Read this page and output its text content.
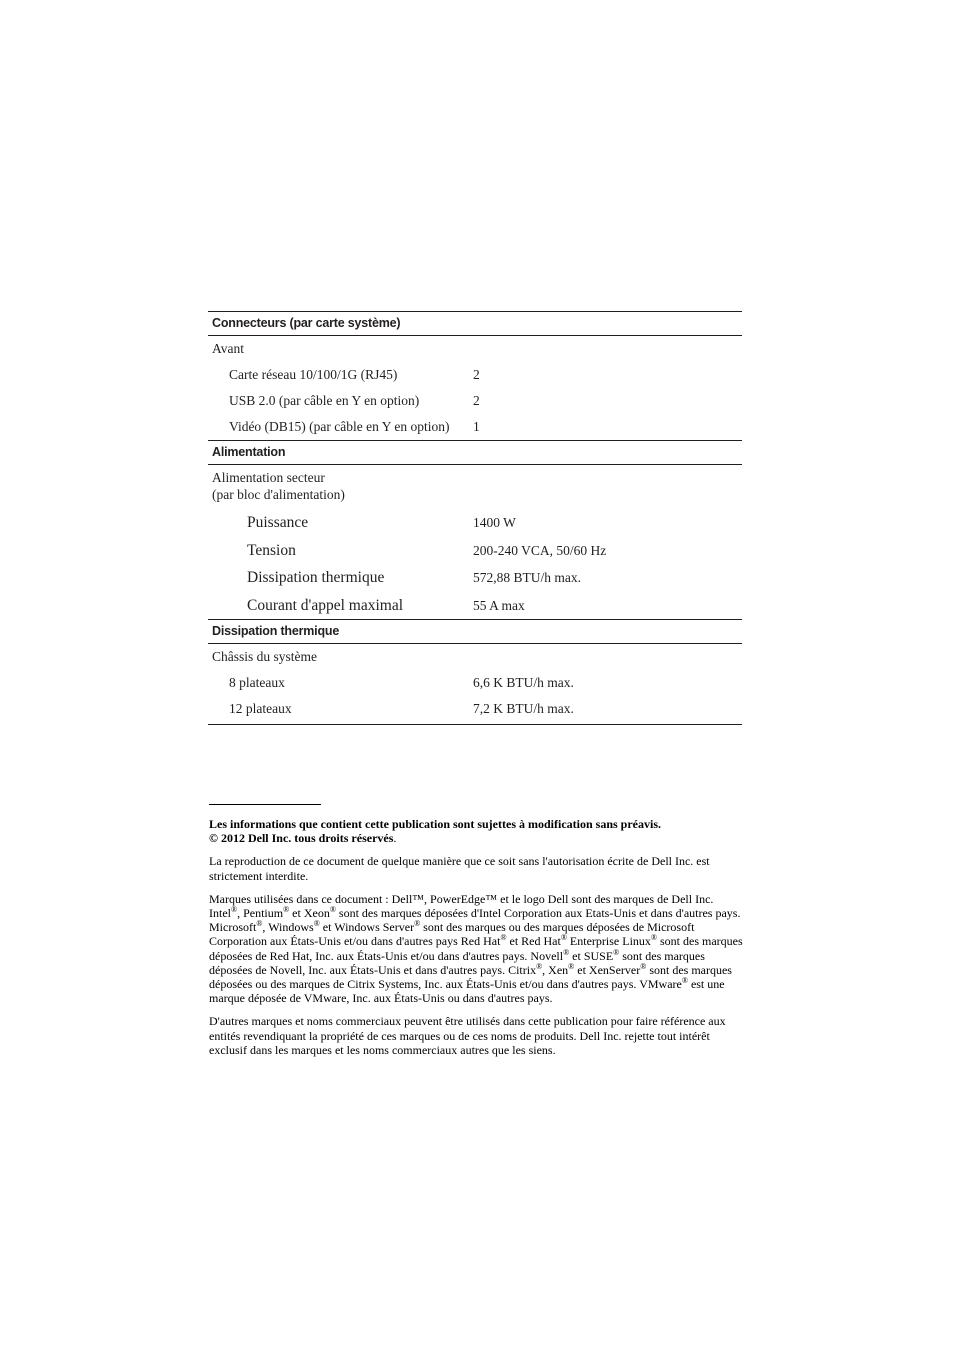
Connecteurs (par carte système)
Avant
Carte réseau 10/100/1G (RJ45)	2
USB 2.0 (par câble en Y en option)	2
Vidéo (DB15) (par câble en Y en option) 1
Alimentation
Alimentation secteur
(par bloc d'alimentation)
Puissance	1400 W
Tension	200-240 VCA, 50/60 Hz
Dissipation thermique	572,88 BTU/h max.
Courant d'appel maximal	55 A max
Dissipation thermique
Châssis du système
8 plateaux	6,6 K BTU/h max.
12 plateaux	7,2 K BTU/h max.

Les informations que contient cette publication sont sujettes à modification sans préavis.
© 2012 Dell Inc. tous droits réservés.

La reproduction de ce document de quelque manière que ce soit sans l'autorisation écrite de Dell Inc. est strictement interdite.

Marques utilisées dans ce document : Dell™, PowerEdge™ et le logo Dell sont des marques de Dell Inc. Intel®, Pentium® et Xeon® sont des marques déposées d'Intel Corporation aux Etats-Unis et dans d'autres pays. Microsoft®, Windows® et Windows Server® sont des marques ou des marques déposées de Microsoft Corporation aux États-Unis et/ou dans d'autres pays Red Hat® et Red Hat® Enterprise Linux® sont des marques déposées de Red Hat, Inc. aux États-Unis et/ou dans d'autres pays. Novell® et SUSE® sont des marques déposées de Novell, Inc. aux États-Unis et dans d'autres pays. Citrix®, Xen® et XenServer® sont des marques déposées ou des marques de Citrix Systems, Inc. aux États-Unis et/ou dans d'autres pays. VMware® est une marque déposée de VMware, Inc. aux États-Unis ou dans d'autres pays.

D'autres marques et noms commerciaux peuvent être utilisés dans cette publication pour faire référence aux entités revendiquant la propriété de ces marques ou de ces noms de produits. Dell Inc. rejette tout intérêt exclusif dans les marques et les noms commerciaux autres que les siens.
